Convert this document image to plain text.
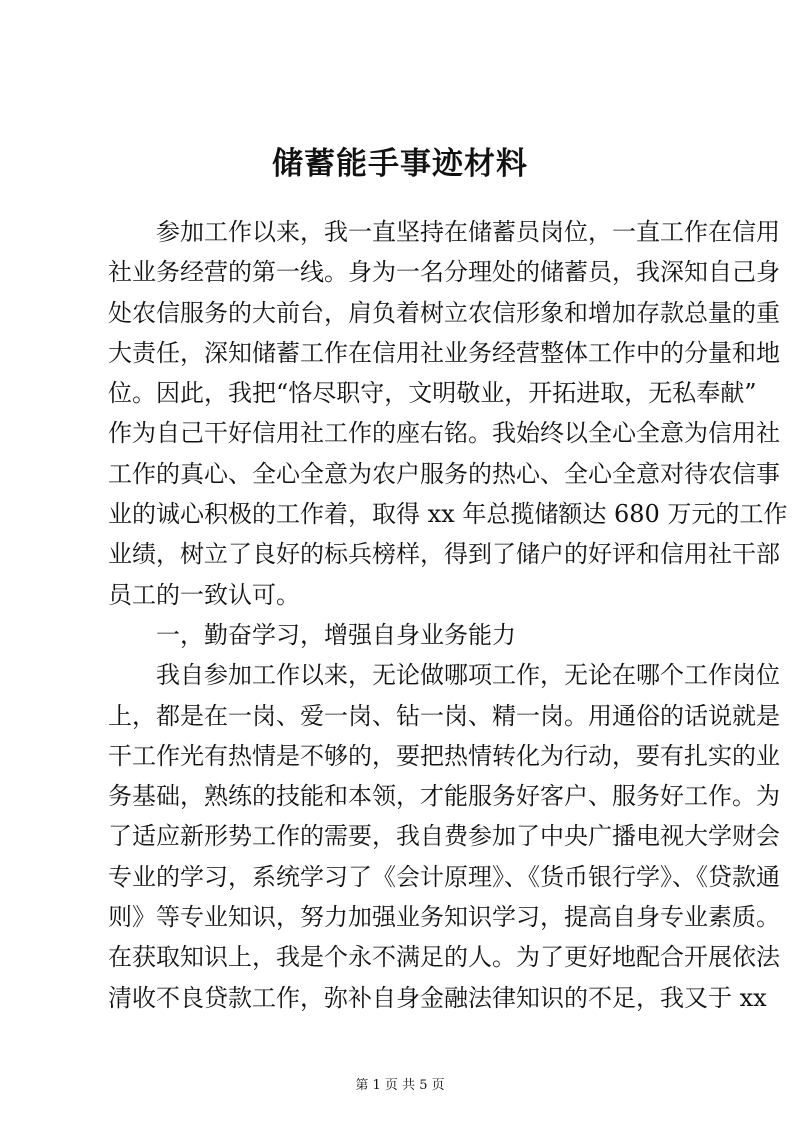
储蓄能手事迹材料
　　参加工作以来，我一直坚持在储蓄员岗位，一直工作在信用
社业务经营的第一线。身为一名分理处的储蓄员，我深知自己身
处农信服务的大前台，肩负着树立农信形象和增加存款总量的重
大责任，深知储蓄工作在信用社业务经营整体工作中的分量和地
位。因此，我把“恪尽职守，文明敬业，开拓进取，无私奉献”
作为自己干好信用社工作的座右铭。我始终以全心全意为信用社
工作的真心、全心全意为农户服务的热心、全心全意对待农信事
业的诚心积极的工作着，取得 xx 年总揽储额达 680 万元的工作
业绩，树立了良好的标兵榜样，得到了储户的好评和信用社干部
员工的一致认可。
　　一，勤奋学习，增强自身业务能力
　　我自参加工作以来，无论做哪项工作，无论在哪个工作岗位
上，都是在一岗、爱一岗、钻一岗、精一岗。用通俗的话说就是
干工作光有热情是不够的，要把热情转化为行动，要有扎实的业
务基础，熟练的技能和本领，才能服务好客户、服务好工作。为
了适应新形势工作的需要，我自费参加了中央广播电视大学财会
专业的学习，系统学习了《会计原理》、《货币银行学》、《贷款通
则》等专业知识，努力加强业务知识学习，提高自身专业素质。
在获取知识上，我是个永不满足的人。为了更好地配合开展依法
清收不良贷款工作，弥补自身金融法律知识的不足，我又于 xx
第 1 页 共 5 页
